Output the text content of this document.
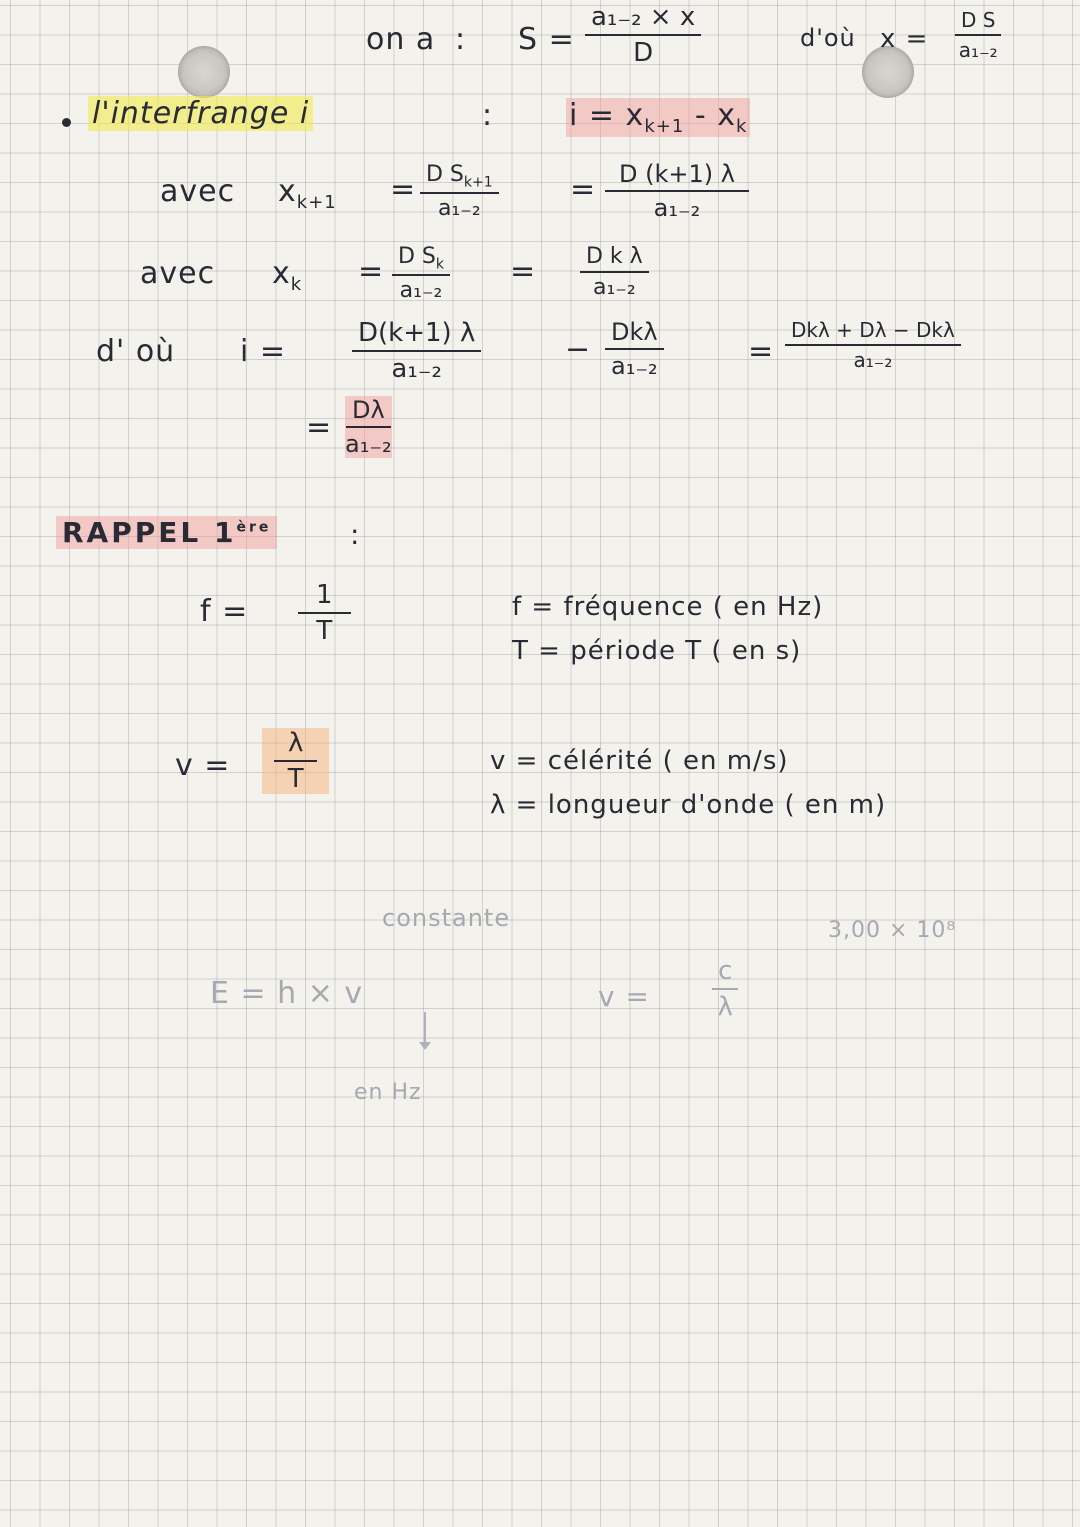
on a : $S = \frac{\text{a₁₋₂ × x}}{D}$	d'où $x = \frac{\text{D S}}{\text{a₁₋₂}}$
l'interfrange i	:	$i = x_{k+1} - x_k$
avec $x_{k+1} = \frac{D S_{k+1}}{\text{a₁₋₂}} = \frac{D (k+1) \lambda}{\text{a₁₋₂}}$
avec $x_k = \frac{D S_k}{\text{a₁₋₂}} = \frac{\text{D k λ}}{\text{a₁₋₂}}$
d' où i =	$\frac{D(k+1) \lambda}{\text{a₁₋₂}}$	− Dkλ
a₁₋₂	=
Dkλ + Dλ − Dkλ
a₁₋₂
= $\frac{D\lambda}{\text{a₁₋₂}}$
RAPPEL 1ère	:
$f = \frac{1}{T}$	f = fréquence ( en Hz)
T = période T ( en s)
$v = \frac{\lambda}{T}$	v = célérité ( en m/s)
λ = longueur d'onde ( en m)
constante
E = h × v
en Hz
$v = \frac{c}{\lambda}$
3,00 × 10⁸
